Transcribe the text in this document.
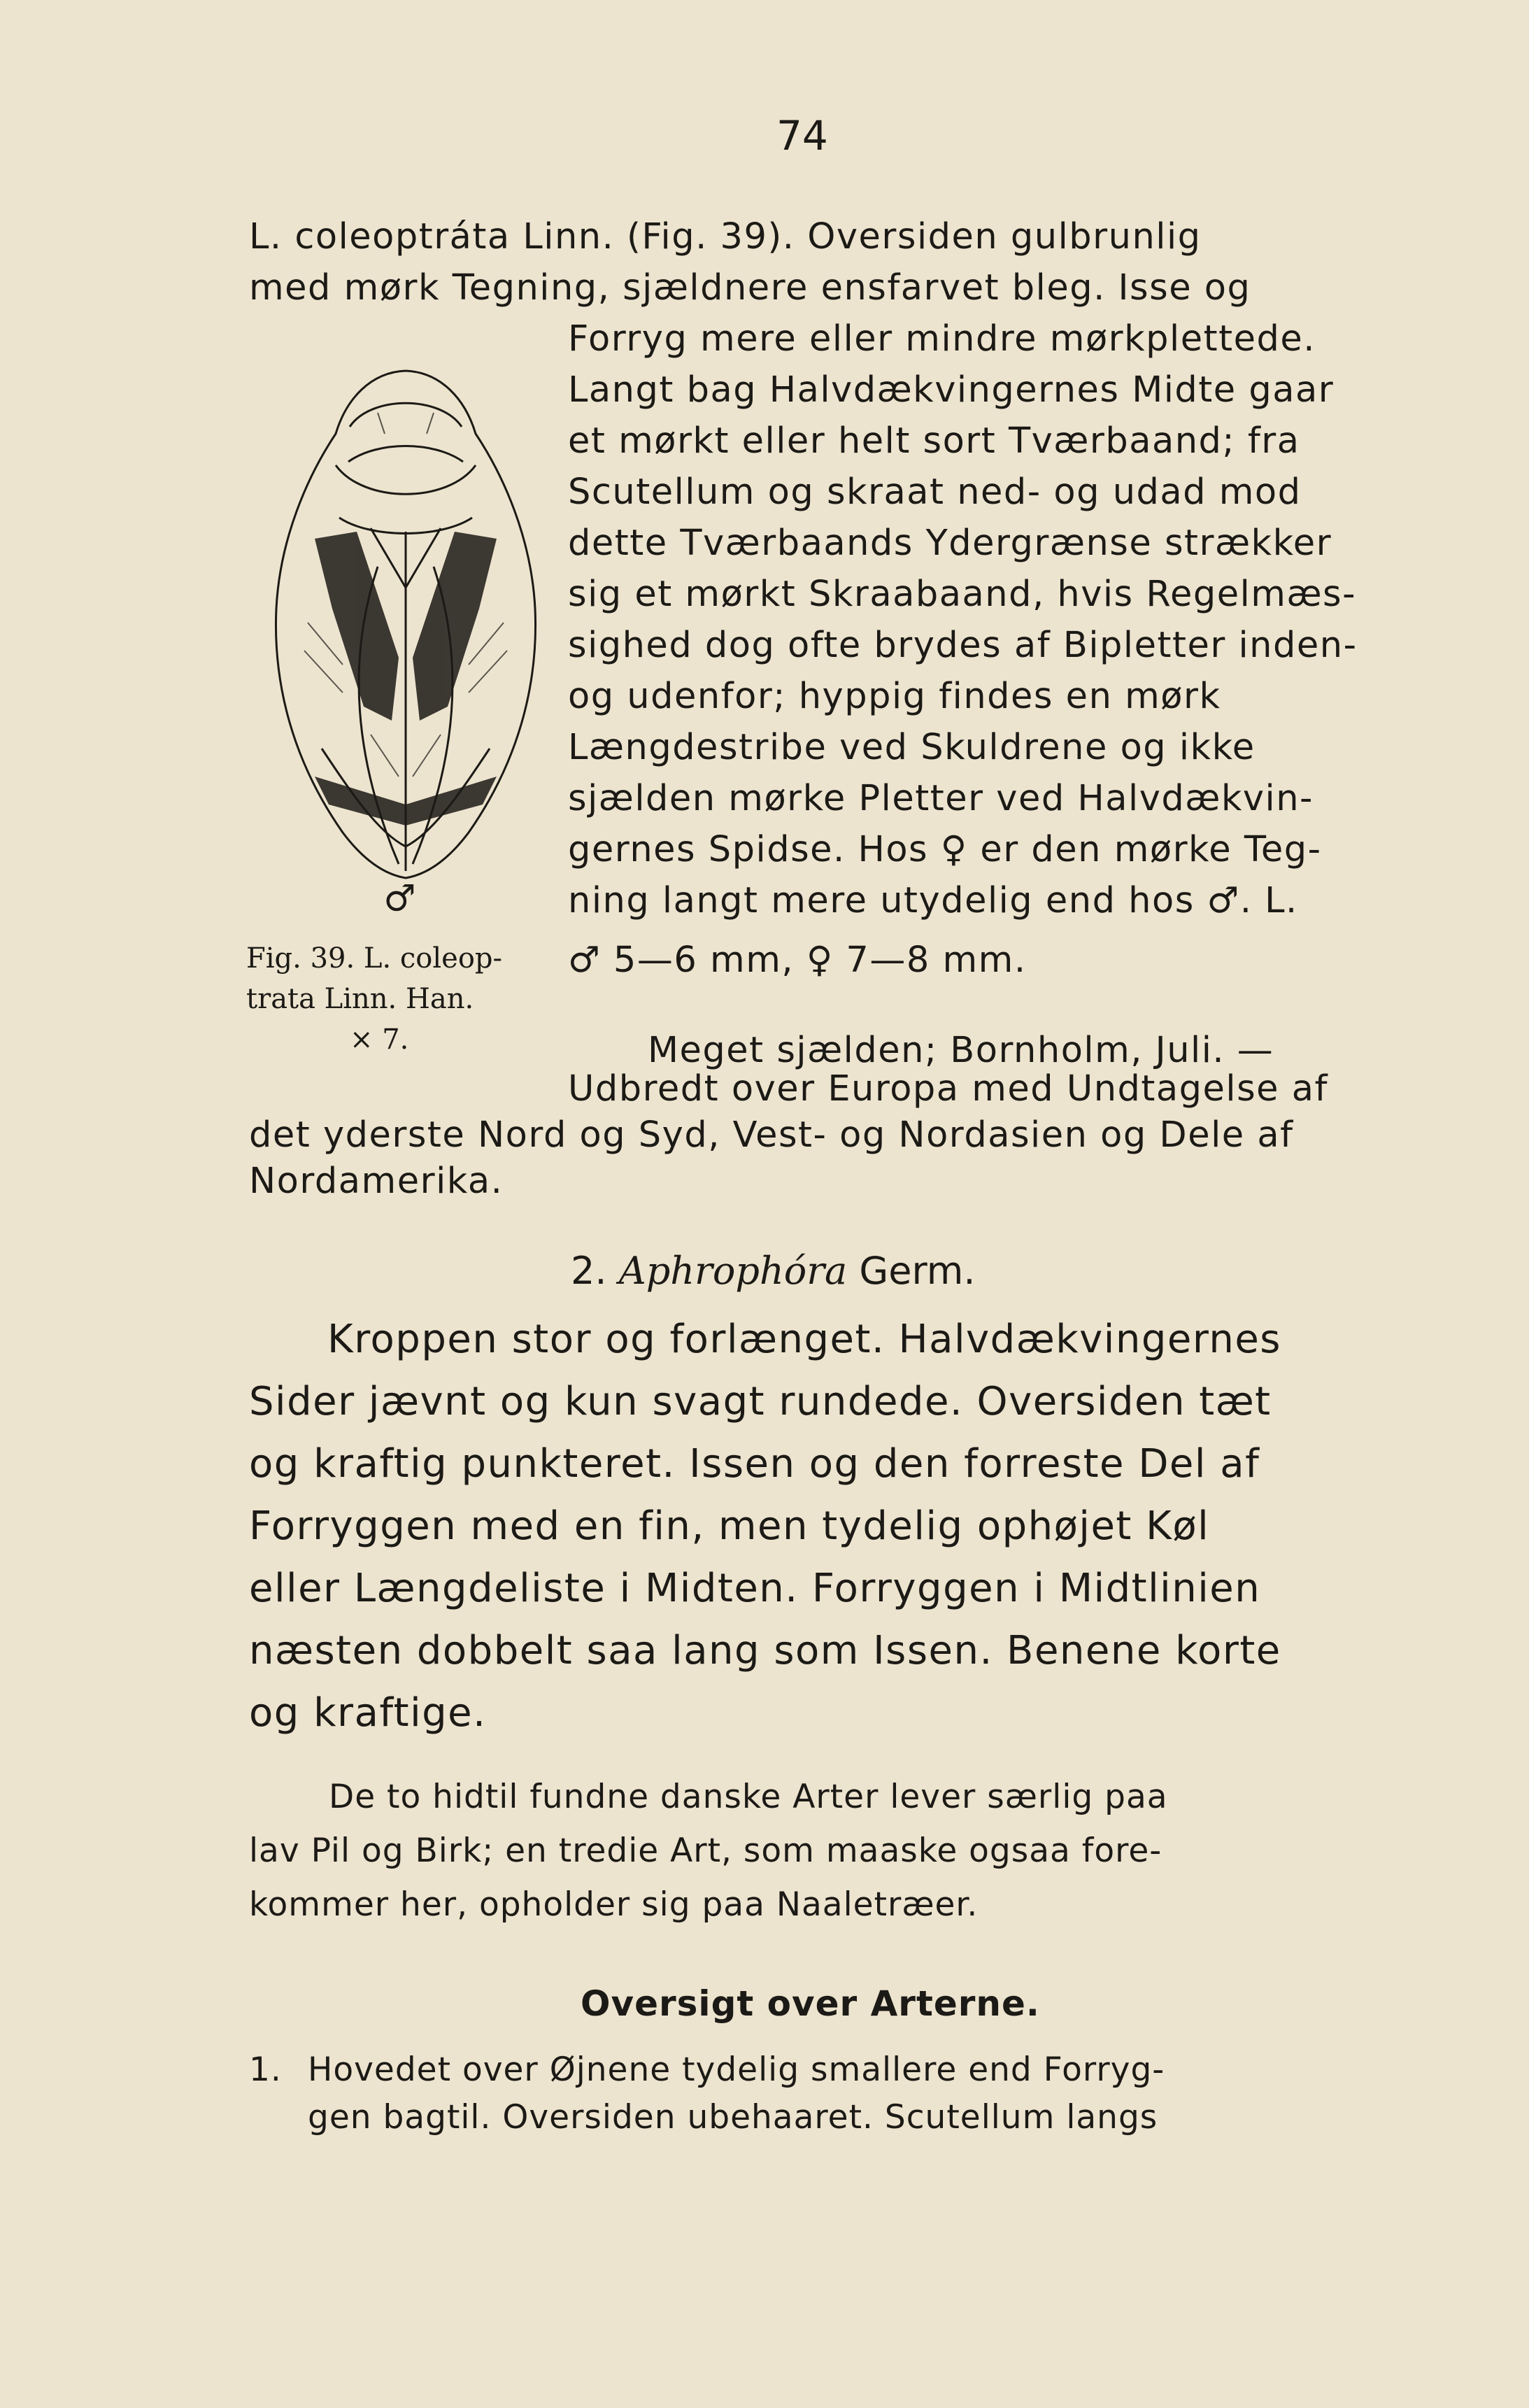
74
L. coleoptráta Linn. (Fig. 39). Oversiden gulbrunlig
med mørk Tegning, sjældnere ensfarvet bleg. Isse og
Forryg mere eller mindre mørkplettede.
Langt bag Halvdækvingernes Midte gaar
et mørkt eller helt sort Tværbaand; fra
Scutellum og skraat ned- og udad mod
dette Tværbaands Ydergrænse strækker
sig et mørkt Skraabaand, hvis Regelmæs-
sighed dog ofte brydes af Bipletter inden-
og udenfor; hyppig findes en mørk
Længdestribe ved Skuldrene og ikke
sjælden mørke Pletter ved Halvdækvin-
gernes Spidse. Hos ♀ er den mørke Teg-
ning langt mere utydelig end hos ♂. L.
♂ 5—6 mm, ♀ 7—8 mm.
Meget sjælden; Bornholm, Juli. —
Udbredt over Europa med Undtagelse af
det yderste Nord og Syd, Vest- og Nordasien og Dele af
Nordamerika.
♂
Fig. 39. L. coleop-
trata Linn. Han.
× 7.
2. Aphrophóra Germ.
Kroppen stor og forlænget. Halvdækvingernes
Sider jævnt og kun svagt rundede. Oversiden tæt
og kraftig punkteret. Issen og den forreste Del af
Forryggen med en fin, men tydelig ophøjet Køl
eller Længdeliste i Midten. Forryggen i Midtlinien
næsten dobbelt saa lang som Issen. Benene korte
og kraftige.
De to hidtil fundne danske Arter lever særlig paa
lav Pil og Birk; en tredie Art, som maaske ogsaa fore-
kommer her, opholder sig paa Naaletræer.
Oversigt over Arterne.
1. Hovedet over Øjnene tydelig smallere end Forryg-
gen bagtil. Oversiden ubehaaret. Scutellum langs
